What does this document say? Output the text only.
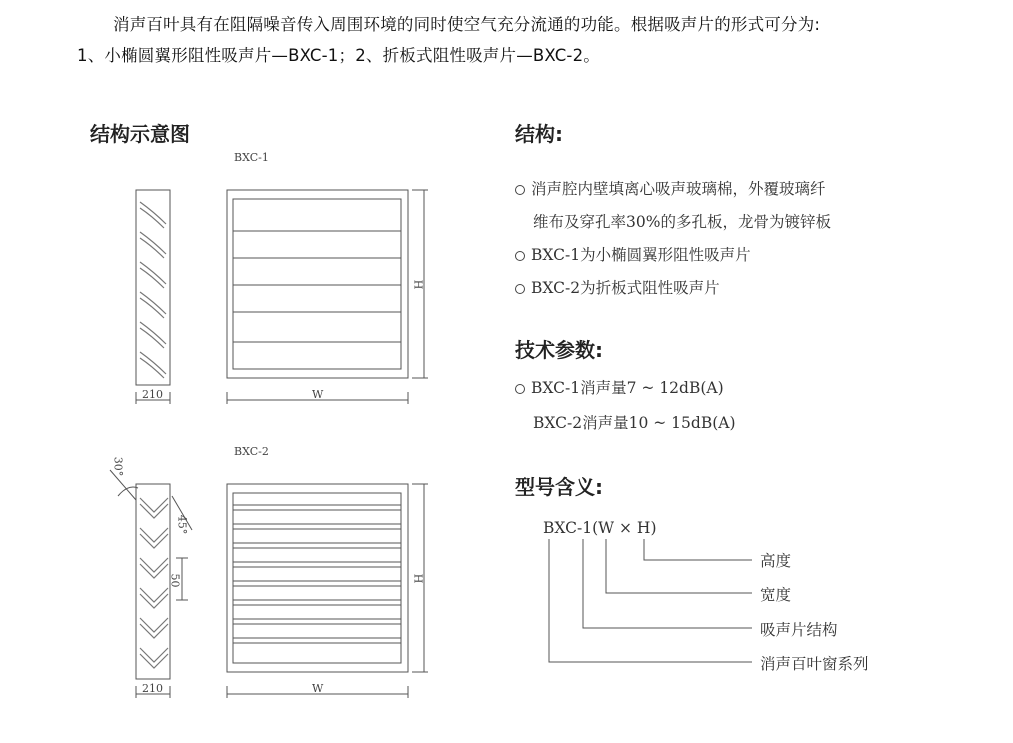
消声百叶具有在阻隔噪音传入周围环境的同时使空气充分流通的功能。根据吸声片的形式可分为:
1、小椭圆翼形阻性吸声片—BXC-1；2、折板式阻性吸声片—BXC-2。
结构示意图
BXC-1
BXC-2
210	W
H
210	W
H
30°
45°
50
结构:
消声腔内壁填离心吸声玻璃棉，外覆玻璃纤
维布及穿孔率30%的多孔板，龙骨为镀锌板
BXC-1为小椭圆翼形阻性吸声片
BXC-2为折板式阻性吸声片
技术参数:
BXC-1消声量7 ~ 12dB(A)
BXC-2消声量10 ~ 15dB(A)
型号含义:
BXC-1(W × H)
高度
宽度
吸声片结构
消声百叶窗系列
